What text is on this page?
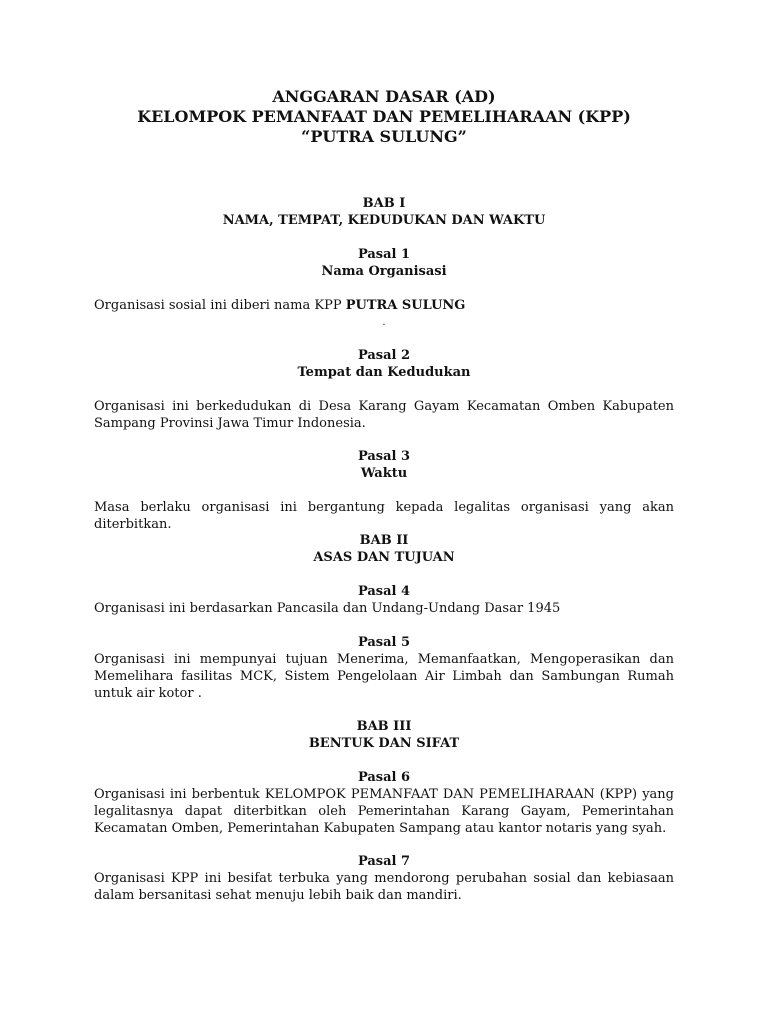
ANGGARAN DASAR (AD)

KELOMPOK PEMANFAAT DAN PEMELIHARAAN (KPP)

“PUTRA SULUNG”

BAB I

NAMA, TEMPAT, KEDUDUKAN DAN WAKTU

Pasal 1

Nama Organisasi

Organisasi sosial ini diberi nama KPP PUTRA SULUNG

.

Pasal 2

Tempat dan Kedudukan

Organisasi ini berkedudukan di Desa Karang Gayam Kecamatan Omben Kabupaten Sampang Provinsi Jawa Timur Indonesia.

Pasal 3

Waktu

Masa berlaku organisasi ini bergantung kepada legalitas organisasi yang akan diterbitkan.

BAB II

ASAS DAN TUJUAN

Pasal 4

Organisasi ini berdasarkan Pancasila dan Undang-Undang Dasar 1945

Pasal 5

Organisasi ini mempunyai tujuan Menerima, Memanfaatkan, Mengoperasikan dan Memelihara fasilitas MCK, Sistem Pengelolaan Air Limbah dan Sambungan Rumah untuk air kotor .

BAB III

BENTUK DAN SIFAT

Pasal 6

Organisasi ini berbentuk KELOMPOK PEMANFAAT DAN PEMELIHARAAN (KPP) yang legalitasnya dapat diterbitkan oleh Pemerintahan Karang Gayam, Pemerintahan Kecamatan Omben, Pemerintahan Kabupaten Sampang atau kantor notaris yang syah.

Pasal 7

Organisasi KPP ini besifat terbuka yang mendorong perubahan sosial dan kebiasaan dalam bersanitasi sehat menuju lebih baik dan mandiri.
